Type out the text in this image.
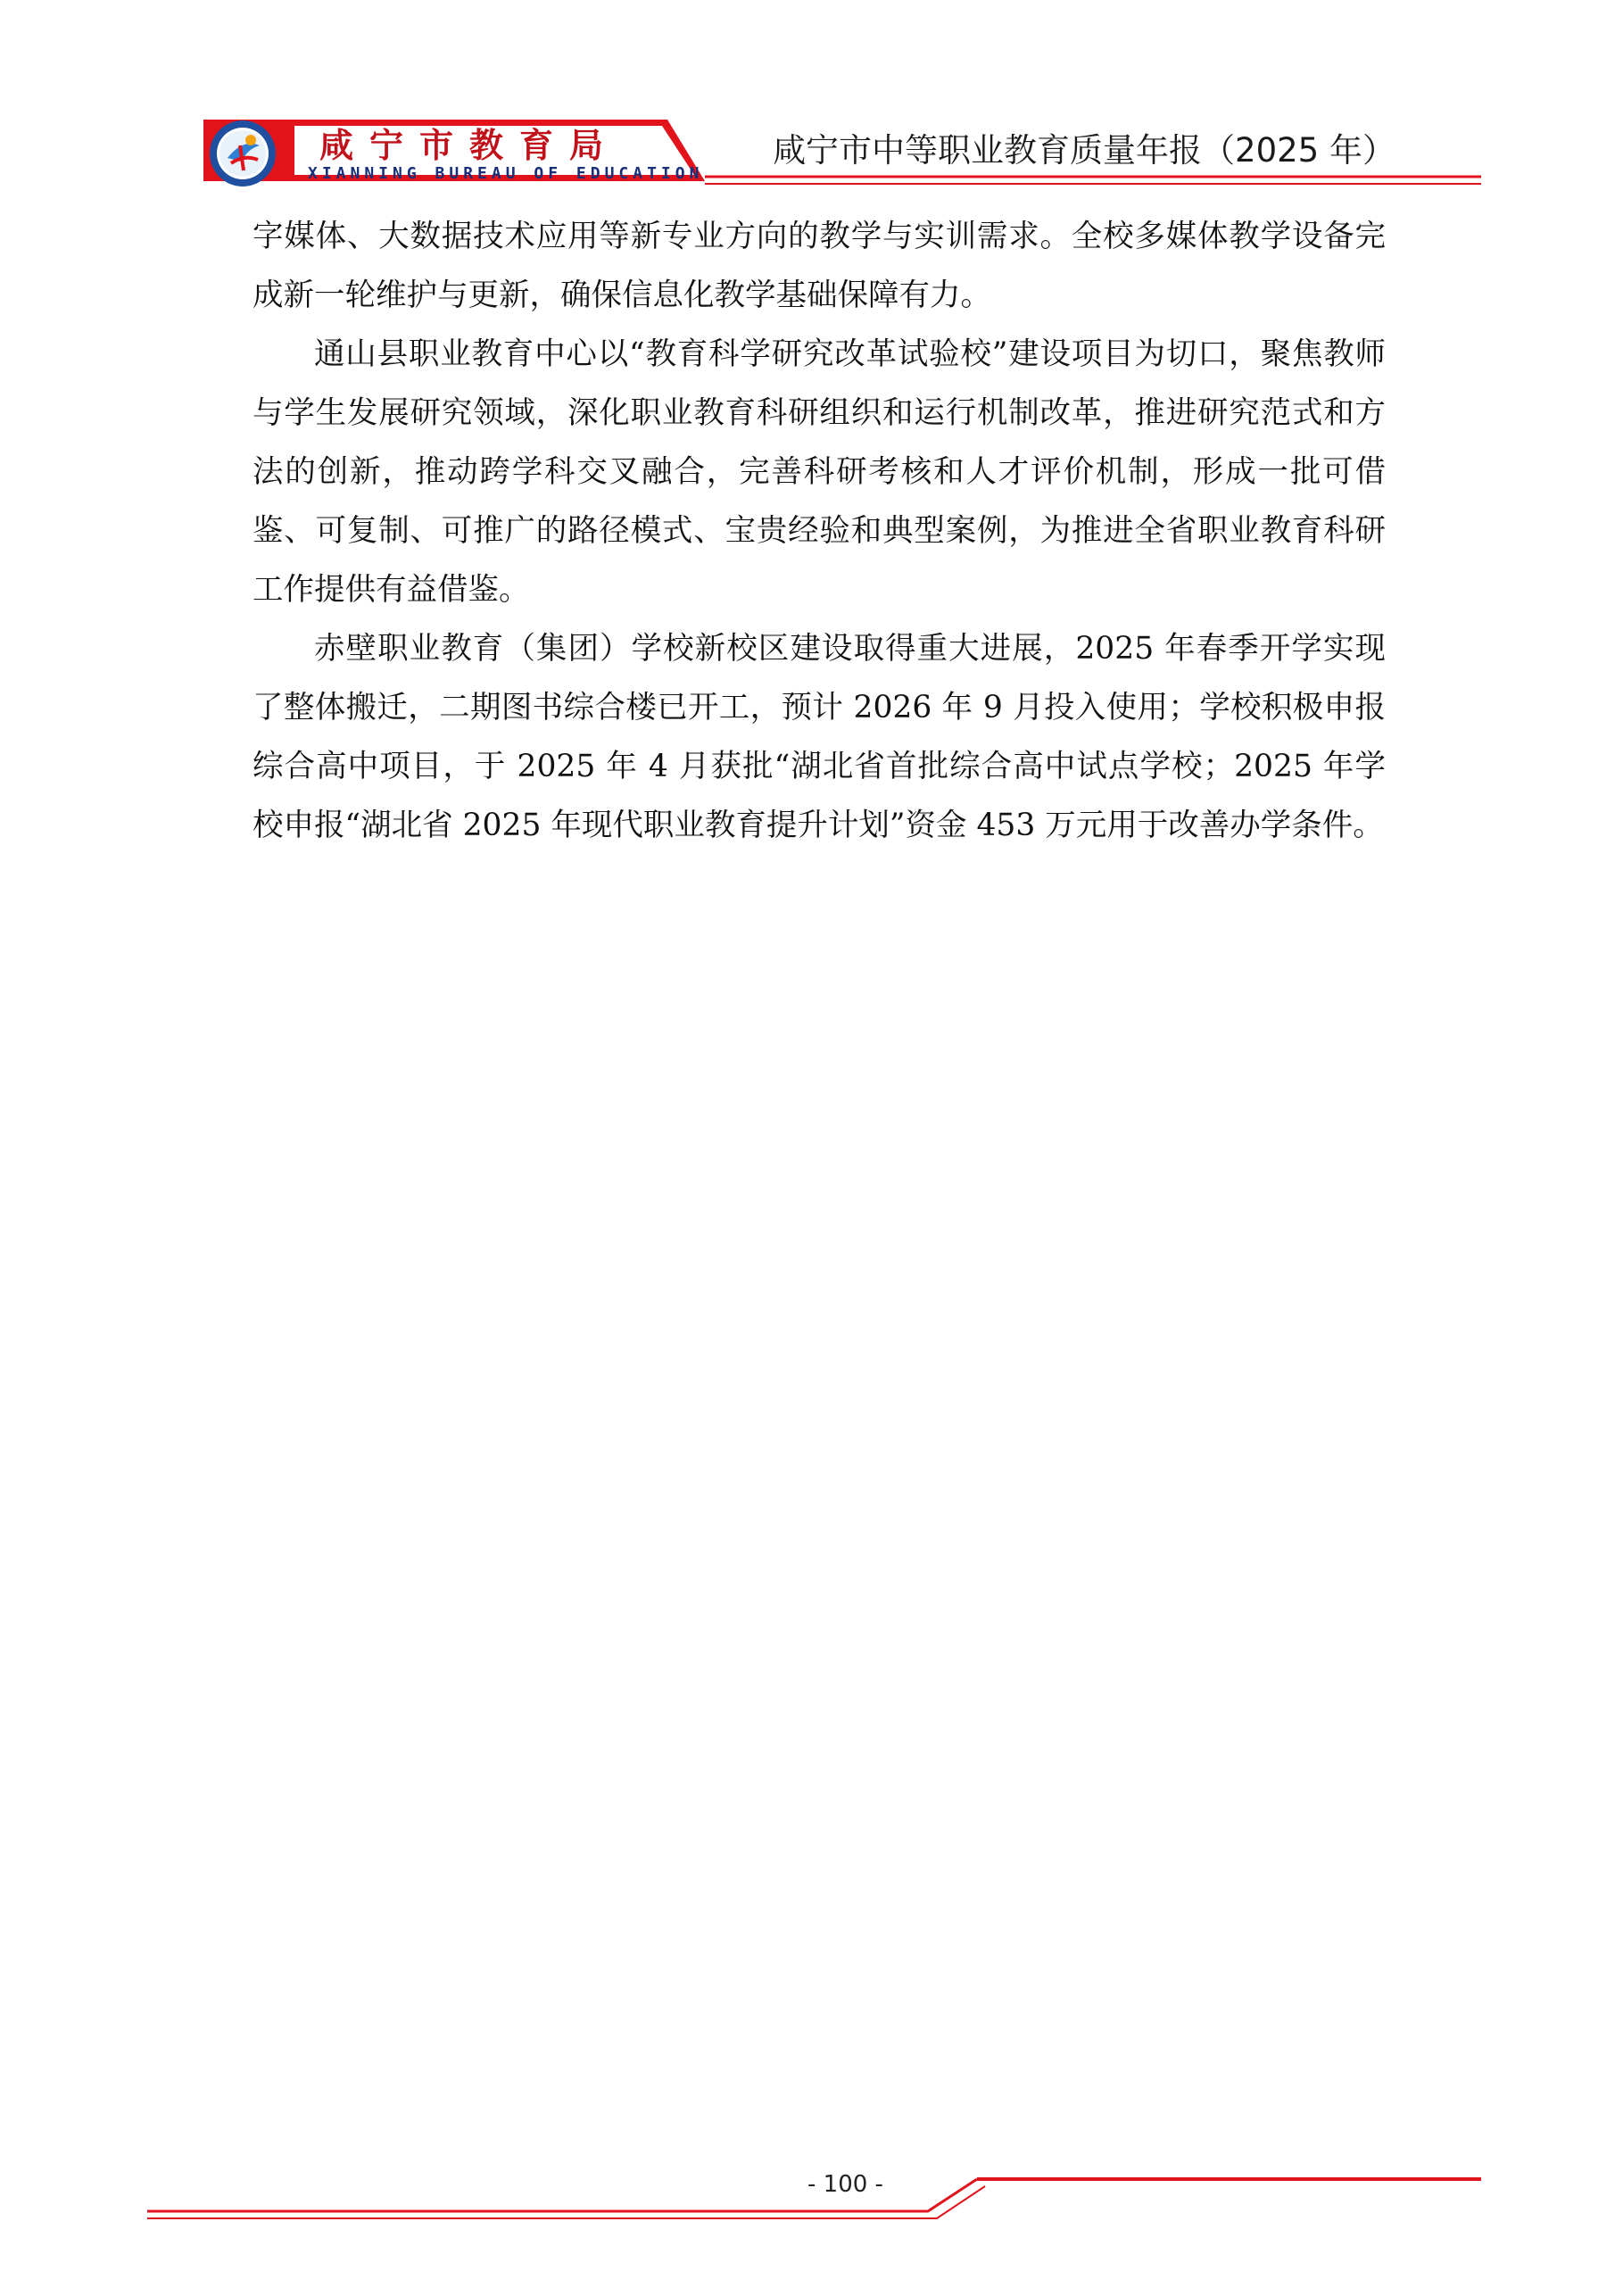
咸宁市教育局
XIANNING BUREAU OF EDUCATION
咸宁市中等职业教育质量年报（2025 年）

字媒体、大数据技术应用等新专业方向的教学与实训需求。全校多媒体教学设备完成新一轮维护与更新，确保信息化教学基础保障有力。

通山县职业教育中心以“教育科学研究改革试验校”建设项目为切口，聚焦教师与学生发展研究领域，深化职业教育科研组织和运行机制改革，推进研究范式和方法的创新，推动跨学科交叉融合，完善科研考核和人才评价机制，形成一批可借鉴、可复制、可推广的路径模式、宝贵经验和典型案例，为推进全省职业教育科研工作提供有益借鉴。

赤壁职业教育（集团）学校新校区建设取得重大进展，2025 年春季开学实现了整体搬迁，二期图书综合楼已开工，预计 2026 年 9 月投入使用；学校积极申报综合高中项目，于 2025 年 4 月获批“湖北省首批综合高中试点学校；2025 年学校申报“湖北省 2025 年现代职业教育提升计划”资金 453 万元用于改善办学条件。

- 100 -
